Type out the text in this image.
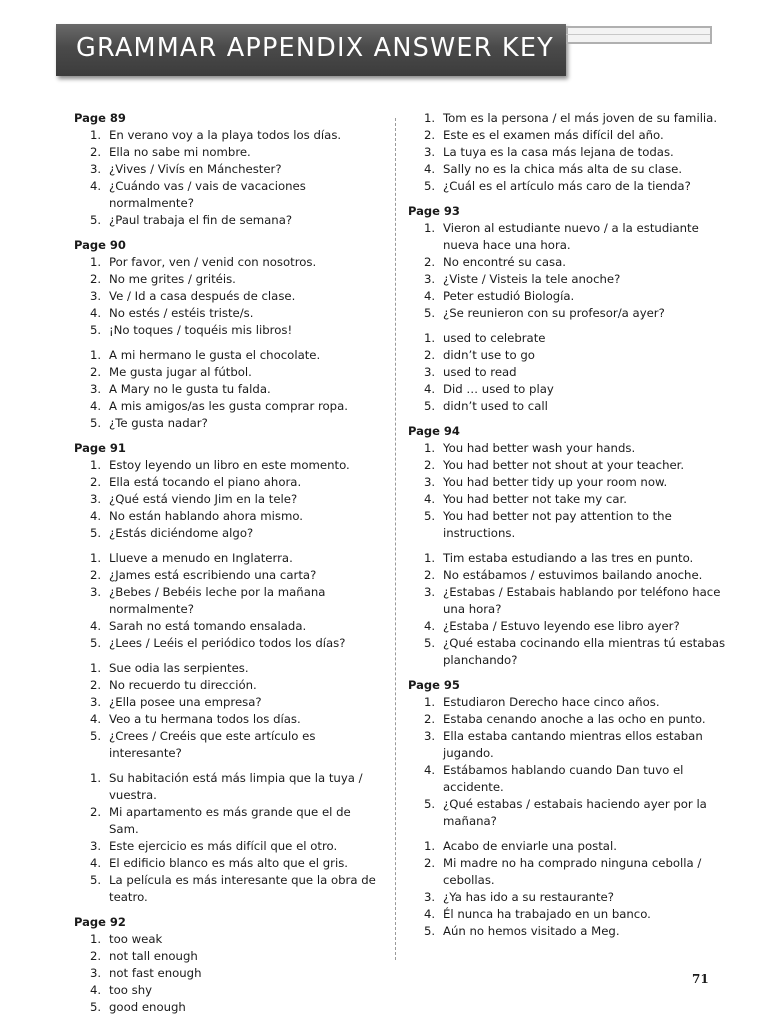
GRAMMAR APPENDIX ANSWER KEY
Page 89
1. En verano voy a la playa todos los días.
2. Ella no sabe mi nombre.
3. ¿Vives / Vivís en Mánchester?
4. ¿Cuándo vas / vais de vacaciones normalmente?
5. ¿Paul trabaja el fin de semana?
Page 90
1. Por favor, ven / venid con nosotros.
2. No me grites / gritéis.
3. Ve / Id a casa después de clase.
4. No estés / estéis triste/s.
5. ¡No toques / toquéis mis libros!
1. A mi hermano le gusta el chocolate.
2. Me gusta jugar al fútbol.
3. A Mary no le gusta tu falda.
4. A mis amigos/as les gusta comprar ropa.
5. ¿Te gusta nadar?
Page 91
1. Estoy leyendo un libro en este momento.
2. Ella está tocando el piano ahora.
3. ¿Qué está viendo Jim en la tele?
4. No están hablando ahora mismo.
5. ¿Estás diciéndome algo?
1. Llueve a menudo en Inglaterra.
2. ¿James está escribiendo una carta?
3. ¿Bebes / Bebéis leche por la mañana normalmente?
4. Sarah no está tomando ensalada.
5. ¿Lees / Leéis el periódico todos los días?
1. Sue odia las serpientes.
2. No recuerdo tu dirección.
3. ¿Ella posee una empresa?
4. Veo a tu hermana todos los días.
5. ¿Crees / Creéis que este artículo es interesante?
1. Su habitación está más limpia que la tuya / vuestra.
2. Mi apartamento es más grande que el de Sam.
3. Este ejercicio es más difícil que el otro.
4. El edificio blanco es más alto que el gris.
5. La película es más interesante que la obra de teatro.
Page 92
1. too weak
2. not tall enough
3. not fast enough
4. too shy
5. good enough
1. Tom es la persona / el más joven de su familia.
2. Este es el examen más difícil del año.
3. La tuya es la casa más lejana de todas.
4. Sally no es la chica más alta de su clase.
5. ¿Cuál es el artículo más caro de la tienda?
Page 93
1. Vieron al estudiante nuevo / a la estudiante nueva hace una hora.
2. No encontré su casa.
3. ¿Viste / Visteis la tele anoche?
4. Peter estudió Biología.
5. ¿Se reunieron con su profesor/a ayer?
1. used to celebrate
2. didn’t use to go
3. used to read
4. Did … used to play
5. didn’t used to call
Page 94
1. You had better wash your hands.
2. You had better not shout at your teacher.
3. You had better tidy up your room now.
4. You had better not take my car.
5. You had better not pay attention to the instructions.
1. Tim estaba estudiando a las tres en punto.
2. No estábamos / estuvimos bailando anoche.
3. ¿Estabas / Estabais hablando por teléfono hace una hora?
4. ¿Estaba / Estuvo leyendo ese libro ayer?
5. ¿Qué estaba cocinando ella mientras tú estabas planchando?
Page 95
1. Estudiaron Derecho hace cinco años.
2. Estaba cenando anoche a las ocho en punto.
3. Ella estaba cantando mientras ellos estaban jugando.
4. Estábamos hablando cuando Dan tuvo el accidente.
5. ¿Qué estabas / estabais haciendo ayer por la mañana?
1. Acabo de enviarle una postal.
2. Mi madre no ha comprado ninguna cebolla / cebollas.
3. ¿Ya has ido a su restaurante?
4. Él nunca ha trabajado en un banco.
5. Aún no hemos visitado a Meg.
71
